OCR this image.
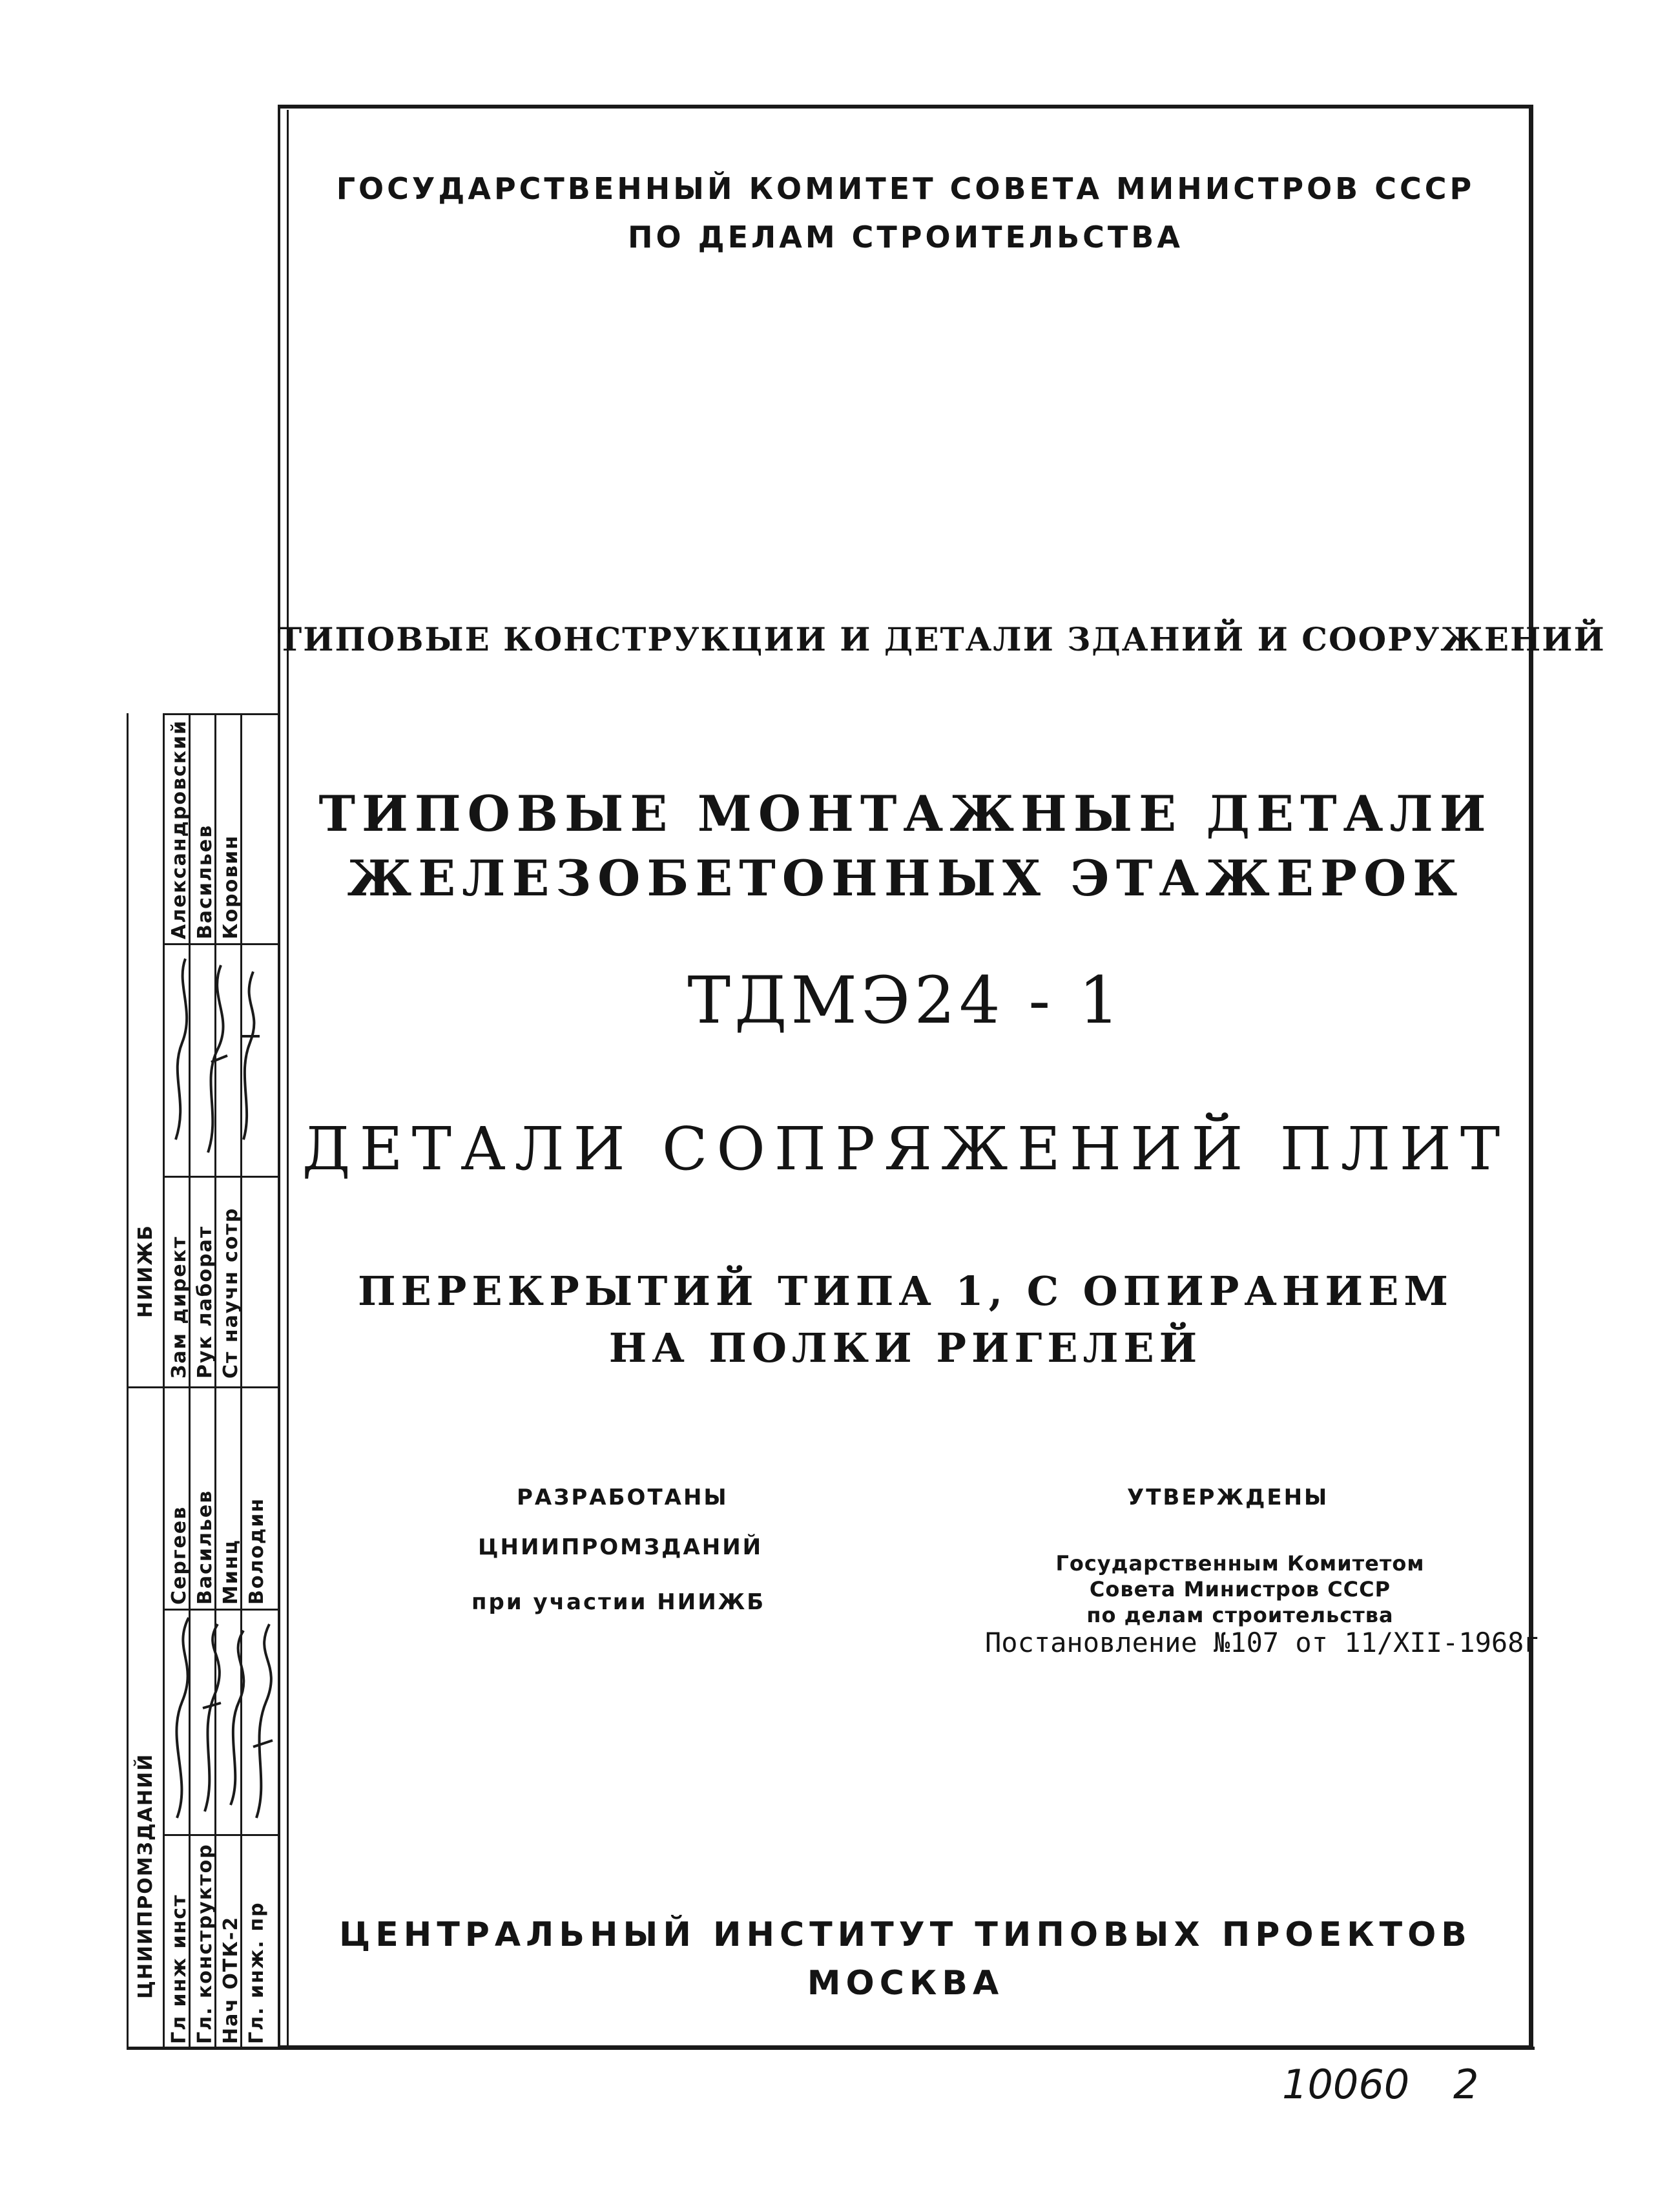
ГОСУДАРСТВЕННЫЙ КОМИТЕТ СОВЕТА МИНИСТРОВ СССР
ПО ДЕЛАМ СТРОИТЕЛЬСТВА
ТИПОВЫЕ КОНСТРУКЦИИ И ДЕТАЛИ ЗДАНИЙ И СООРУЖЕНИЙ
ТИПОВЫЕ МОНТАЖНЫЕ ДЕТАЛИ
ЖЕЛЕЗОБЕТОННЫХ ЭТАЖЕРОК
ТДМЭ24 - 1
ДЕТАЛИ СОПРЯЖЕНИЙ ПЛИТ
ПЕРЕКРЫТИЙ ТИПА 1, С ОПИРАНИЕМ
НА ПОЛКИ РИГЕЛЕЙ
РАЗРАБОТАНЫ
ЦНИИПРОМЗДАНИЙ
при участии НИИЖБ
УТВЕРЖДЕНЫ
Государственным Комитетом
Совета Министров СССР
по делам строительства
Постановление №107 от 11/XII-1968г
ЦЕНТРАЛЬНЫЙ ИНСТИТУТ ТИПОВЫХ ПРОЕКТОВ
МОСКВА
НИИЖБ Зам директ Рук лаборат Ст научн сотр
Александровский Васильев Коровин
ЦНИИПРОМЗДАНИЙ Гл инж инст Гл. конструктор Нач ОТК-2 Гл. инж. пр
Сергеев Васильев Минц Володин
10060 2
